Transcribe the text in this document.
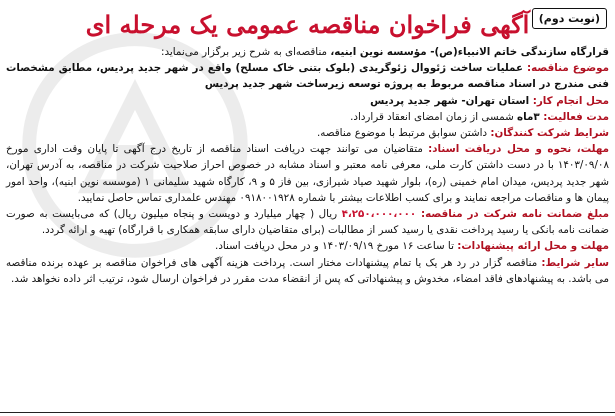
آگهی فراخوان مناقصه عمومی یک مرحله ای (نوبت دوم)
قرارگاه سازندگی خاتم الانبیاء(ص)- مؤسسه نوین ابنیه، مناقصه‌ای به شرح زیر برگزار می‌نماید:
موضوع مناقصه: عملیات ساخت ژئووال ژئوگریدی (بلوک بتنی خاک مسلح) واقع در شهر جدید پردیس، مطابق مشخصات فنی مندرج در اسناد مناقصه مربوط به پروژه توسعه زیرساخت شهر جدید پردیس
محل انجام کار: استان تهران- شهر جدید پردیس
مدت فعالیت: ۳ماه شمسی از زمان امضای انعقاد قرارداد.
شرایط شرکت کنندگان: داشتن سوابق مرتبط با موضوع مناقصه.
مهلت، نحوه و محل دریافت اسناد: متقاضیان می توانند جهت دریافت اسناد مناقصه از تاریخ درج آگهی تا پایان وقت اداری مورخ ۱۴۰۳/۰۹/۰۸ با در دست داشتن کارت ملی، معرفی نامه معتبر و اسناد مشابه در خصوص احراز صلاحیت شرکت در مناقصه، به آدرس تهران، شهر جدید پردیس، میدان امام خمینی (ره)، بلوار شهید صیاد شیرازی، بین فاز ۵ و ۹، کارگاه شهید سلیمانی ۱ (موسسه نوین ابنیه)، واحد امور پیمان ها و مناقصات مراجعه نمایند و برای کسب اطلاعات بیشتر با شماره ۰۹۱۸۰۰۱۹۲۸ مهندس علمداری تماس حاصل نمایید.
مبلغ ضمانت نامه شرکت در مناقصه: ۴،۲۵۰،۰۰۰،۰۰۰ ریال ( چهار میلیارد و دویست و پنجاه میلیون ریال) که می‌بایست به صورت ضمانت نامه بانکی یا رسید پرداخت نقدی یا رسید کسر از مطالبات (برای متقاضیان دارای سابقه همکاری با قرارگاه) تهیه و ارائه گردد.
مهلت و محل ارائه پیشنهادات: تا ساعت ۱۶ مورخ ۱۴۰۳/۰۹/۱۹ و در محل دریافت اسناد.
سایر شرایط: مناقصه گزار در رد هر یک یا تمام پیشنهادات مختار است. پرداخت هزینه آگهی های فراخوان مناقصه بر عهده برنده مناقصه می باشد. به پیشنهادهای فاقد امضاء، مخدوش و پیشنهاداتی که پس از انقضاء مدت مقرر در فراخوان ارسال شود، ترتیب اثر داده نخواهد شد.
